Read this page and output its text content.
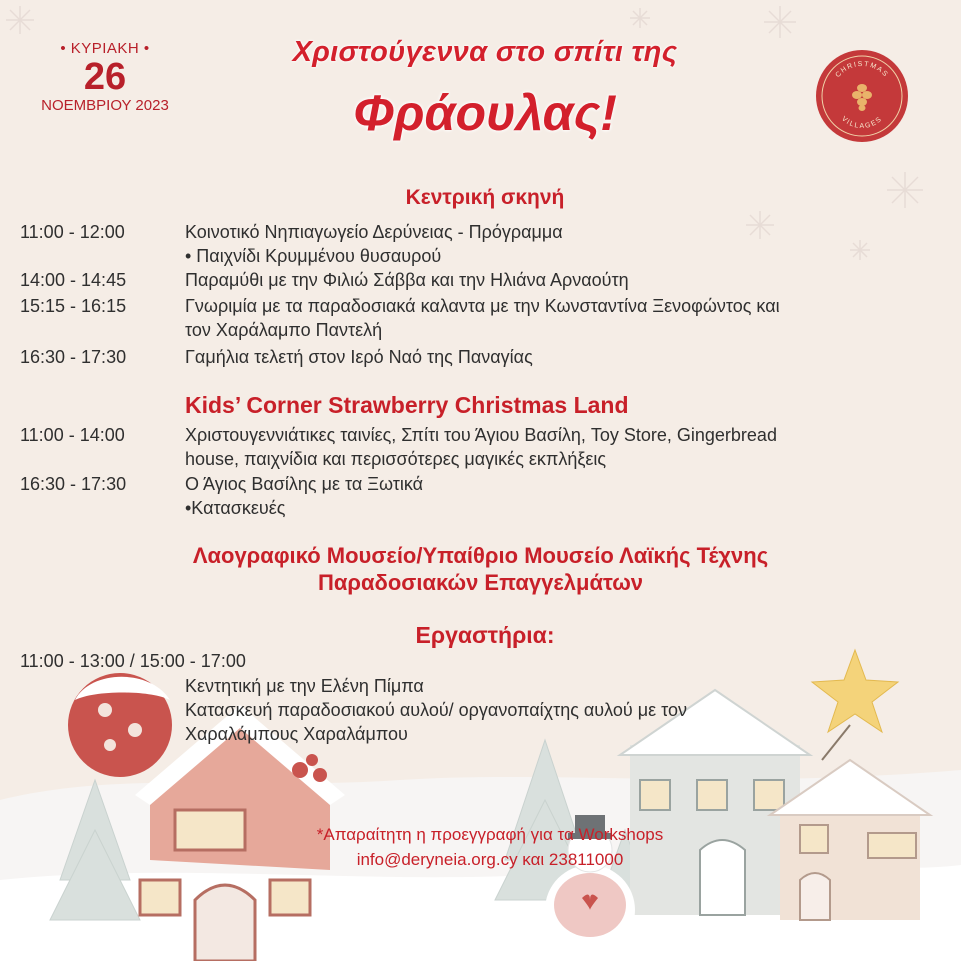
• ΚΥΡΙΑΚΗ •
26
ΝΟΕΜΒΡΙΟΥ 2023
Χριστούγεννα στο σπίτι της
Φράουλας!
CHRISTMAS
VILLAGES
Κεντρική σκηνή
11:00 - 12:00	Κοινοτικό Νηπιαγωγείο Δερύνειας - Πρόγραμμα
• Παιχνίδι Κρυμμένου θυσαυρού
14:00 - 14:45	Παραμύθι με την Φιλιώ Σάββα και την Ηλιάνα Αρναούτη
15:15 - 16:15	Γνωριμία με τα παραδοσιακά καλαντα με την Κωνσταντίνα Ξενοφώντος και
τον Χαράλαμπο Παντελή
16:30 - 17:30	Γαμήλια τελετή στον Ιερό Ναό της Παναγίας
Kids’ Corner Strawberry Christmas Land
11:00 - 14:00	Χριστουγεννιάτικες ταινίες, Σπίτι του Άγιου Βασίλη, Toy Store, Gingerbread
house, παιχνίδια και περισσότερες μαγικές εκπλήξεις
16:30 - 17:30	Ο Άγιος Βασίλης με τα Ξωτικά
•Κατασκευές
Λαογραφικό Μουσείο/Υπαίθριο Μουσείο Λαϊκής Τέχνης
Παραδοσιακών Επαγγελμάτων
Εργαστήρια:
11:00 - 13:00 / 15:00 - 17:00
Κεντητική με την Ελένη Πίμπα
Κατασκευή παραδοσιακού αυλού/ οργανοπαίχτης αυλού με τον
Χαραλάμπους Χαραλάμπου
*Απαραίτητη η προεγγραφή για τα Workshops
info@deryneia.org.cy και 23811000
